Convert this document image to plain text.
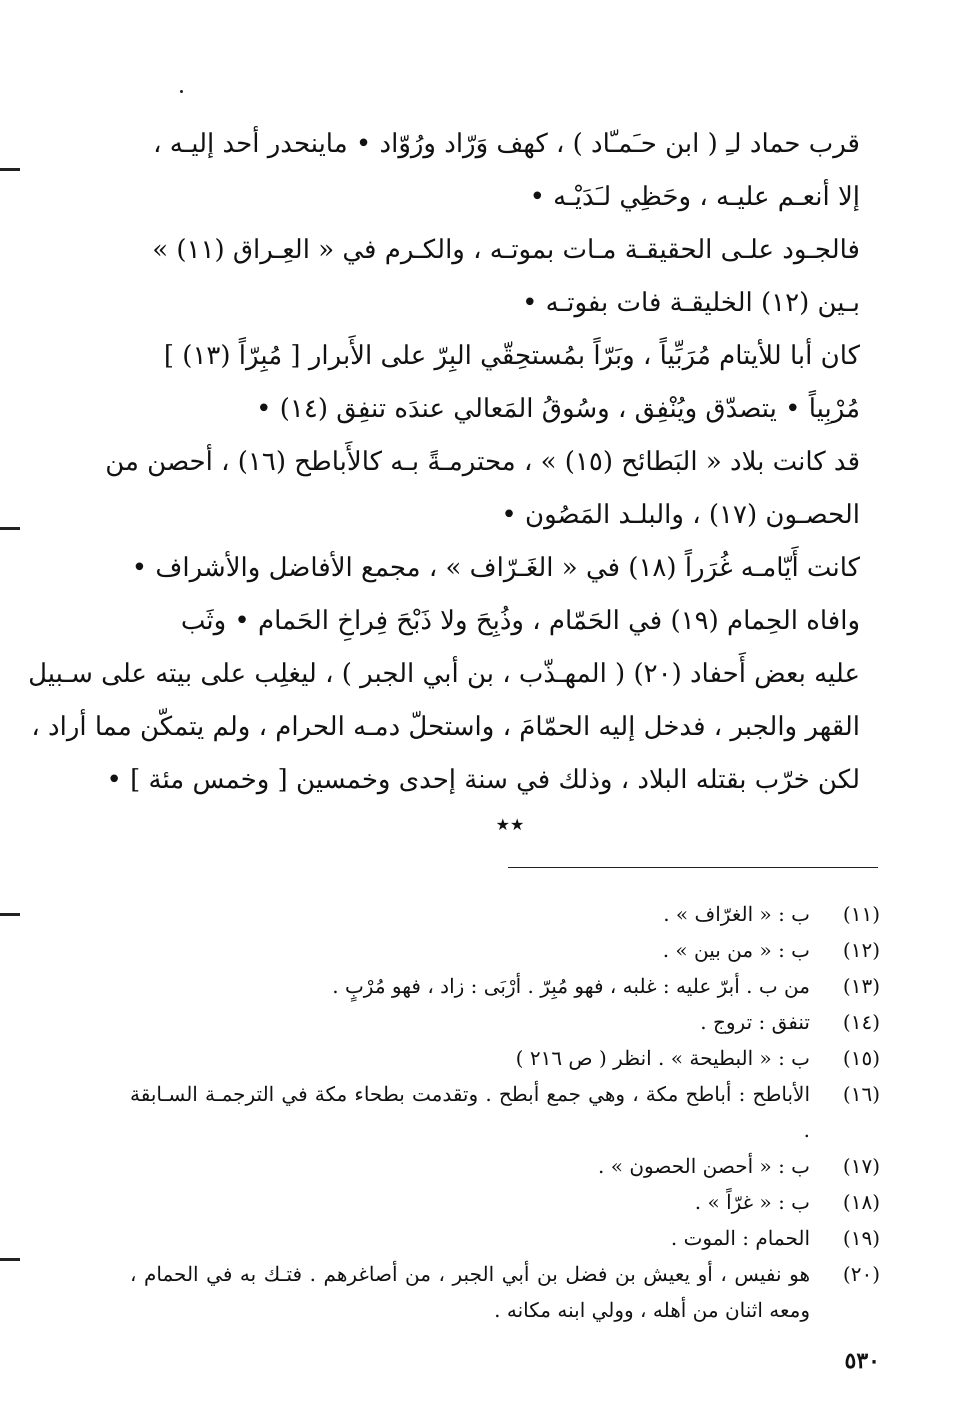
قرب حماد لـِ ( ابن حـَمـّاد ) ، كهف وَرّاد ورُوّاد • ماينحدر أحد إليـه ،
إلا أنعـم عليـه ، وحَظِي لـَدَيْـه •
فالجـود علـى الحقيقـة مـات بموتـه ، والكـرم في « العِـراق (١١) »
بـين (١٢) الخليقـة فات بفوتـه •
كان أبا للأيتام مُرَبِّياً ، وبَرّاً بمُستحِقّي البِرّ على الأَبرار [ مُبِرّاً (١٣) ]
مُرْبِياً • يتصدّق ويُنْفِق ، وسُوقُ المَعالي عندَه تنفِق (١٤) •
قد كانت بلاد « البَطائح (١٥) » ، محترمـةً بـه كالأَباطح (١٦) ، أحصن من
الحصـون (١٧) ، والبلـد المَصُون •
كانت أَيّامـه غُرَراً (١٨) في « الغَـرّاف » ، مجمع الأفاضل والأشراف •
وافاه الحِمام (١٩) في الحَمّام ، وذُبِحَ ولا ذَبْحَ فِراخِ الحَمام • وثَب
عليه بعض أَحفاد (٢٠) ( المهـذّب ، بن أبي الجبر ) ، ليغلِب على بيته على سـبيل
القهر والجبر ، فدخل إليه الحمّامَ ، واستحلّ دمـه الحرام ، ولم يتمكّن مما أراد ،
لكن خرّب بقتله البلاد ، وذلك في سنة إحدى وخمسين [ وخمس مئة ] •
★★
(١١)
ب : « الغرّاف » .
(١٢)
ب : « من بين » .
(١٣)
من ب . أبرّ عليه : غلبه ، فهو مُبِرّ . أرْبَى : زاد ، فهو مُرْبٍ .
(١٤)
تنفق : تروج .
(١٥)
ب : « البطيحة » . انظر ( ص ٢١٦ )
(١٦)
الأباطح : أباطح مكة ، وهي جمع أبطح . وتقدمت بطحاء مكة في الترجمـة السـابقة .
(١٧)
ب : « أحصن الحصون » .
(١٨)
ب : « غرّاً » .
(١٩)
الحمام : الموت .
(٢٠)
هو نفيس ، أو يعيش بن فضل بن أبي الجبر ، من أصاغرهم . فتـك به في الحمام ، ومعه اثنان من أهله ، وولي ابنه مكانه .
٥٣٠
